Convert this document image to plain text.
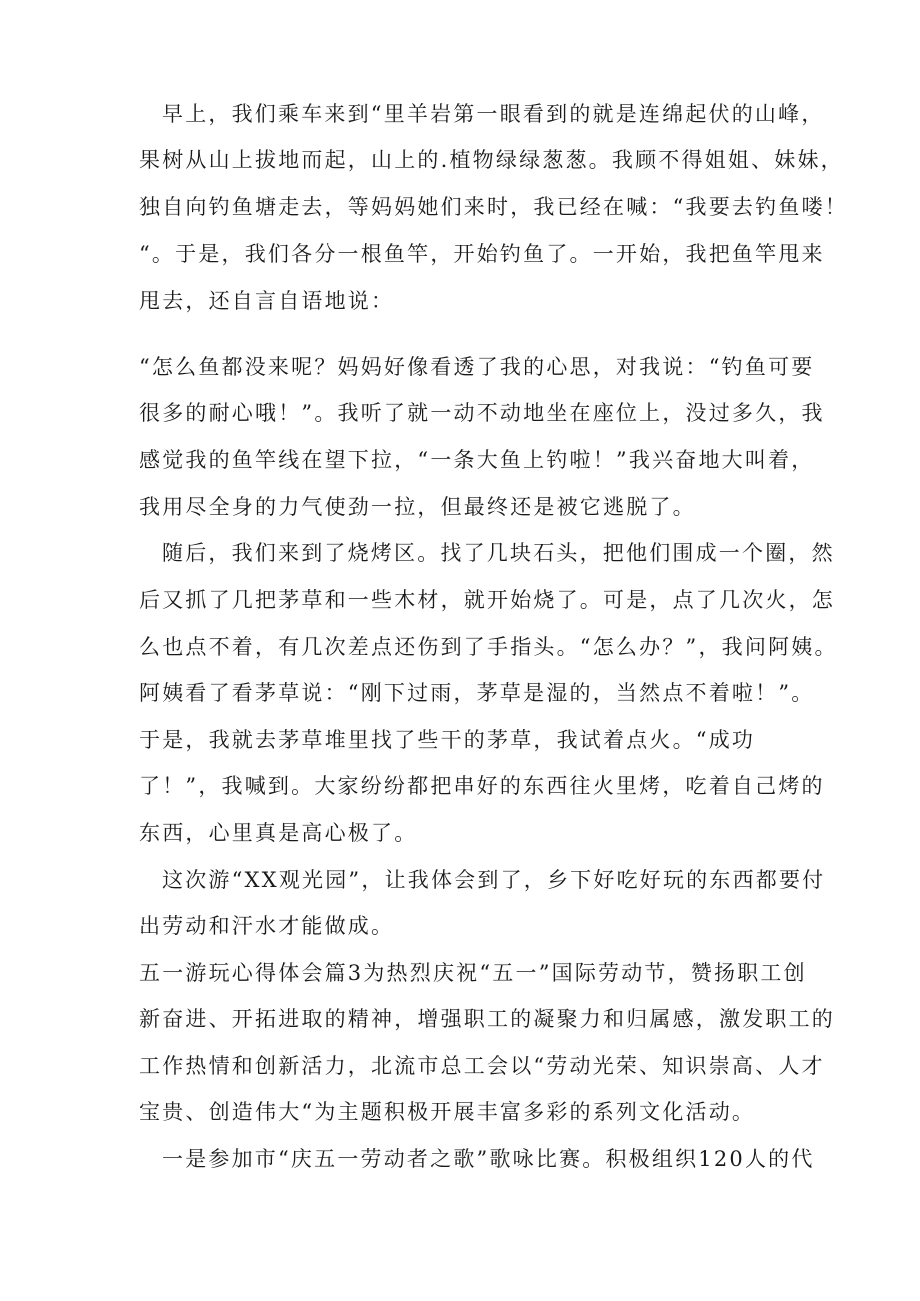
早上，我们乘车来到“里羊岩第一眼看到的就是连绵起伏的山峰，
果树从山上拔地而起，山上的.植物绿绿葱葱。我顾不得姐姐、妹妹，
独自向钓鱼塘走去，等妈妈她们来时，我已经在喊：“我要去钓鱼喽！
“。于是，我们各分一根鱼竿，开始钓鱼了。一开始，我把鱼竿甩来
甩去，还自言自语地说：
“怎么鱼都没来呢？妈妈好像看透了我的心思，对我说：“钓鱼可要
很多的耐心哦！”。我听了就一动不动地坐在座位上，没过多久，我
感觉我的鱼竿线在望下拉，“一条大鱼上钓啦！”我兴奋地大叫着，
我用尽全身的力气使劲一拉，但最终还是被它逃脱了。
随后，我们来到了烧烤区。找了几块石头，把他们围成一个圈，然
后又抓了几把茅草和一些木材，就开始烧了。可是，点了几次火，怎
么也点不着，有几次差点还伤到了手指头。“怎么办？”，我问阿姨。
阿姨看了看茅草说：“刚下过雨，茅草是湿的，当然点不着啦！”。
于是，我就去茅草堆里找了些干的茅草，我试着点火。“成功
了！”，我喊到。大家纷纷都把串好的东西往火里烤，吃着自己烤的
东西，心里真是高心极了。
这次游“XX观光园”，让我体会到了，乡下好吃好玩的东西都要付
出劳动和汗水才能做成。
五一游玩心得体会篇3为热烈庆祝“五一”国际劳动节，赞扬职工创
新奋进、开拓进取的精神，增强职工的凝聚力和归属感，激发职工的
工作热情和创新活力，北流市总工会以“劳动光荣、知识崇高、人才
宝贵、创造伟大“为主题积极开展丰富多彩的系列文化活动。
一是参加市“庆五一劳动者之歌”歌咏比赛。积极组织120人的代
